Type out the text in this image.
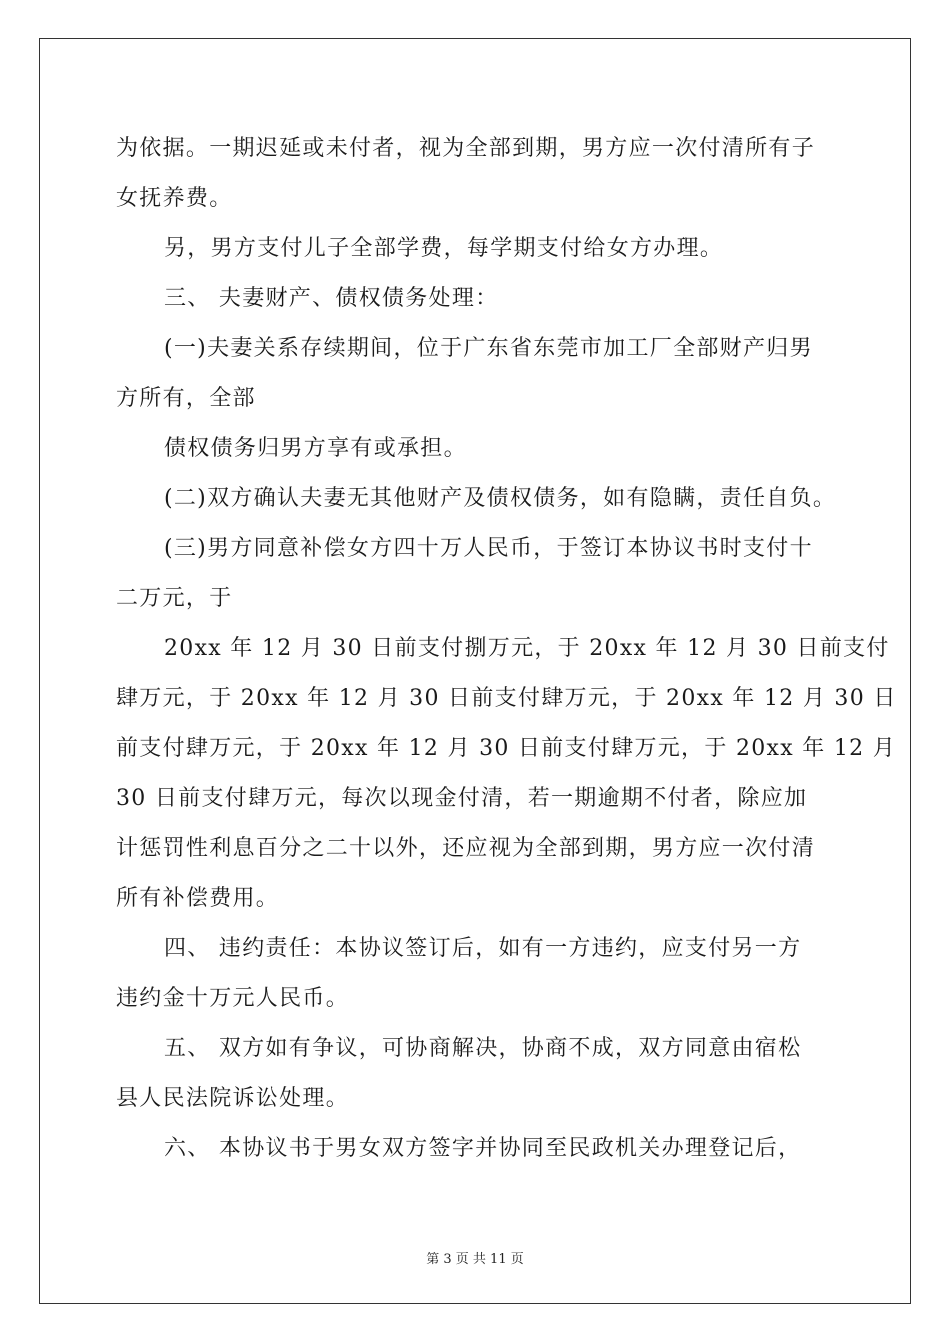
为依据。一期迟延或未付者，视为全部到期，男方应一次付清所有子
女抚养费。
另，男方支付儿子全部学费，每学期支付给女方办理。
三、 夫妻财产、债权债务处理：
(一)夫妻关系存续期间，位于广东省东莞市加工厂全部财产归男
方所有，全部
债权债务归男方享有或承担。
(二)双方确认夫妻无其他财产及债权债务，如有隐瞒，责任自负。
(三)男方同意补偿女方四十万人民币，于签订本协议书时支付十
二万元，于
20xx 年 12 月 30 日前支付捌万元，于 20xx 年 12 月 30 日前支付
肆万元，于 20xx 年 12 月 30 日前支付肆万元，于 20xx 年 12 月 30 日
前支付肆万元，于 20xx 年 12 月 30 日前支付肆万元，于 20xx 年 12 月
30 日前支付肆万元，每次以现金付清，若一期逾期不付者，除应加
计惩罚性利息百分之二十以外，还应视为全部到期，男方应一次付清
所有补偿费用。
四、 违约责任：本协议签订后，如有一方违约，应支付另一方
违约金十万元人民币。
五、 双方如有争议，可协商解决，协商不成，双方同意由宿松
县人民法院诉讼处理。
六、 本协议书于男女双方签字并协同至民政机关办理登记后，
第 3 页 共 11 页
